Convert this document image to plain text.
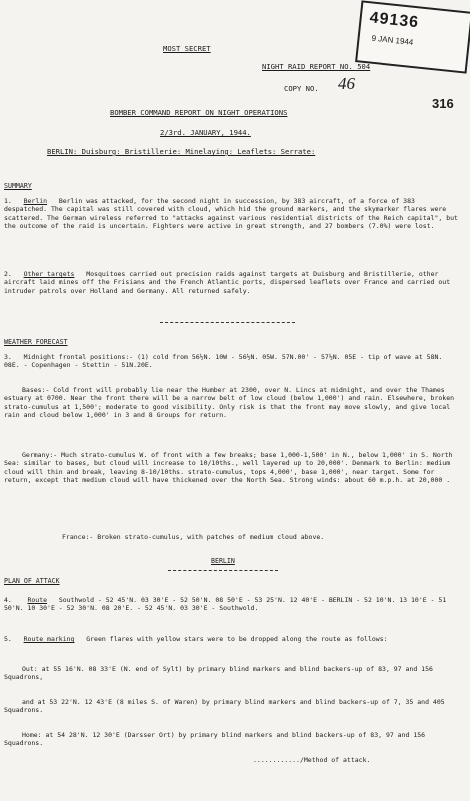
49136
9 JAN 1944
MOST SECRET
NIGHT RAID REPORT NO. 504
COPY NO. 46
316
BOMBER COMMAND REPORT ON NIGHT OPERATIONS
2/3rd. JANUARY, 1944.
BERLIN: Duisburg: Bristillerie: Minelaying: Leaflets: Serrate:
SUMMARY
1. Berlin Berlin was attacked, for the second night in succession, by 383 aircraft, of a force of 383 despatched. The capital was still covered with cloud, which hid the ground markers, and the skymarker flares were scattered. The German wireless referred to "attacks against various residential districts of the Reich capital", but the outcome of the raid is uncertain. Fighters were active in great strength, and 27 bombers (7.0%) were lost.
2. Other targets Mosquitoes carried out precision raids against targets at Duisburg and Bristillerie, other aircraft laid mines off the Frisians and the French Atlantic ports, dispersed leaflets over France and carried out intruder patrols over Holland and Germany. All returned safely.
WEATHER FORECAST
3. Midnight frontal positions:- (1) cold from 56½N. 10W - 56½N. 05W. 57N.00' - 57½N. 05E - tip of wave at 58N. 08E. - Copenhagen - Stettin - 51N.20E.
Bases:- Cold front will probably lie near the Humber at 2300, over N. Lincs at midnight, and over the Thames estuary at 0700. Near the front there will be a narrow belt of low cloud (below 1,000') and rain. Elsewhere, broken strato-cumulus at 1,500'; moderate to good visibility. Only risk is that the front may move slowly, and give local rain and cloud below 1,000' in 3 and 8 Groups for return.
Germany:- Much strato-cumulus W. of front with a few breaks; base 1,000-1,500' in N., below 1,000' in S. North Sea: similar to bases, but cloud will increase to 10/10ths., well layered up to 20,000'. Denmark to Berlin: medium cloud will thin and break, leaving 8-10/10ths. strato-cumulus, tops 4,000', base 1,000', near target. Some for return, except that medium cloud will have thickened over the North Sea. Strong winds: about 60 m.p.h. at 20,000 .
France:- Broken strato-cumulus, with patches of medium cloud above.
BERLIN
PLAN OF ATTACK
4. Route Southwold - 52 45'N. 03 30'E - 52 50'N. 08 50'E - 53 25'N. 12 40'E - BERLIN - 52 10'N. 13 10'E - 51 50'N. 10 30'E - 52 30'N. 08 20'E. - 52 45'N. 03 30'E - Southwold.
5. Route marking Green flares with yellow stars were to be dropped along the route as follows:
Out: at 55 16'N. 08 33'E (N. end of Sylt) by primary blind markers and blind backers-up of 83, 97 and 156 Squadrons,
and at 53 22'N. 12 43'E (8 miles S. of Waren) by primary blind markers and blind backers-up of 7, 35 and 405 Squadrons.
Home: at 54 28'N. 12 30'E (Darsser Ort) by primary blind markers and blind backers-up of 83, 97 and 156 Squadrons.
............/Method of attack.
